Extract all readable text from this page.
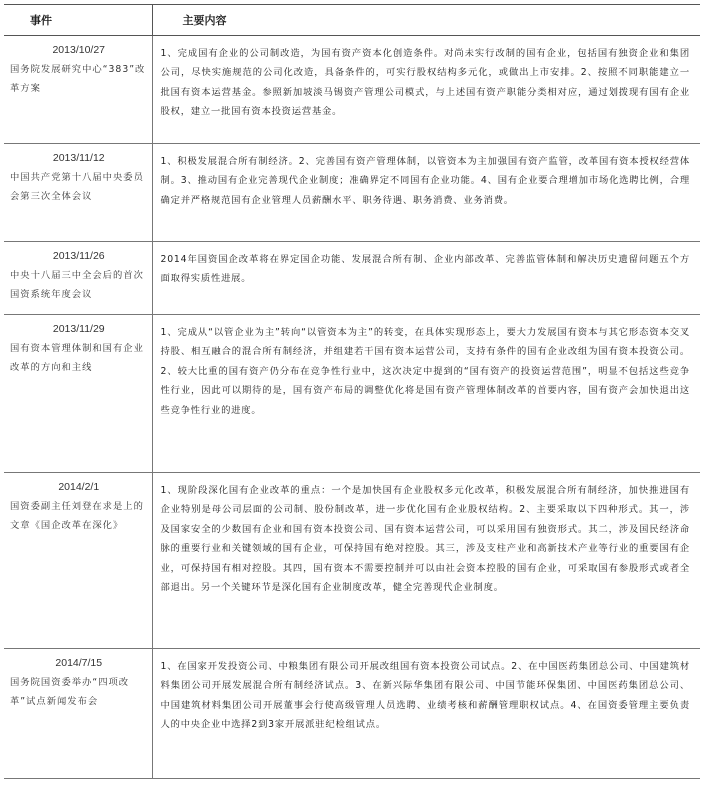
事件	主要内容

2013/10/27
国务院发展研究中心“383”改革方案	1、完成国有企业的公司制改造，为国有资产资本化创造条件。对尚未实行改制的国有企业，包括国有独资企业和集团公司，尽快实施规范的公司化改造，具备条件的，可实行股权结构多元化，或做出上市安排。2、按照不同职能建立一批国有资本运营基金。参照新加坡淡马锡资产管理公司模式，与上述国有资产职能分类相对应，通过划拨现有国有企业股权，建立一批国有资本投资运营基金。

2013/11/12
中国共产党第十八届中央委员会第三次全体会议	1、积极发展混合所有制经济。2、完善国有资产管理体制，以管资本为主加强国有资产监管，改革国有资本授权经营体制。3、推动国有企业完善现代企业制度；准确界定不同国有企业功能。4、国有企业要合理增加市场化选聘比例，合理确定并严格规范国有企业管理人员薪酬水平、职务待遇、职务消费、业务消费。

2013/11/26
中央十八届三中全会后的首次国资系统年度会议	2014年国资国企改革将在界定国企功能、发展混合所有制、企业内部改革、完善监管体制和解决历史遗留问题五个方面取得实质性进展。

2013/11/29
国有资本管理体制和国有企业改革的方向和主线	1、完成从“以管企业为主”转向“以管资本为主”的转变，在具体实现形态上，要大力发展国有资本与其它形态资本交叉持股、相互融合的混合所有制经济，并组建若干国有资本运营公司，支持有条件的国有企业改组为国有资本投资公司。2、较大比重的国有资产仍分布在竞争性行业中，这次决定中提到的“国有资产的投资运营范围”，明显不包括这些竞争性行业，因此可以期待的是，国有资产布局的调整优化将是国有资产管理体制改革的首要内容，国有资产会加快退出这些竞争性行业的进度。

2014/2/1
国资委副主任刘登在求是上的文章《国企改革在深化》	1、现阶段深化国有企业改革的重点：一个是加快国有企业股权多元化改革，积极发展混合所有制经济，加快推进国有企业特别是母公司层面的公司制、股份制改革，进一步优化国有企业股权结构。2、主要采取以下四种形式。其一，涉及国家安全的少数国有企业和国有资本投资公司、国有资本运营公司，可以采用国有独资形式。其二，涉及国民经济命脉的重要行业和关键领域的国有企业，可保持国有绝对控股。其三，涉及支柱产业和高新技术产业等行业的重要国有企业，可保持国有相对控股。其四，国有资本不需要控制并可以由社会资本控股的国有企业，可采取国有参股形式或者全部退出。另一个关键环节是深化国有企业制度改革，健全完善现代企业制度。

2014/7/15
国务院国资委举办“四项改革”试点新闻发布会	1、在国家开发投资公司、中粮集团有限公司开展改组国有资本投资公司试点。2、在中国医药集团总公司、中国建筑材料集团公司开展发展混合所有制经济试点。3、在新兴际华集团有限公司、中国节能环保集团、中国医药集团总公司、中国建筑材料集团公司开展董事会行使高级管理人员选聘、业绩考核和薪酬管理职权试点。4、在国资委管理主要负责人的中央企业中选择2到3家开展派驻纪检组试点。
